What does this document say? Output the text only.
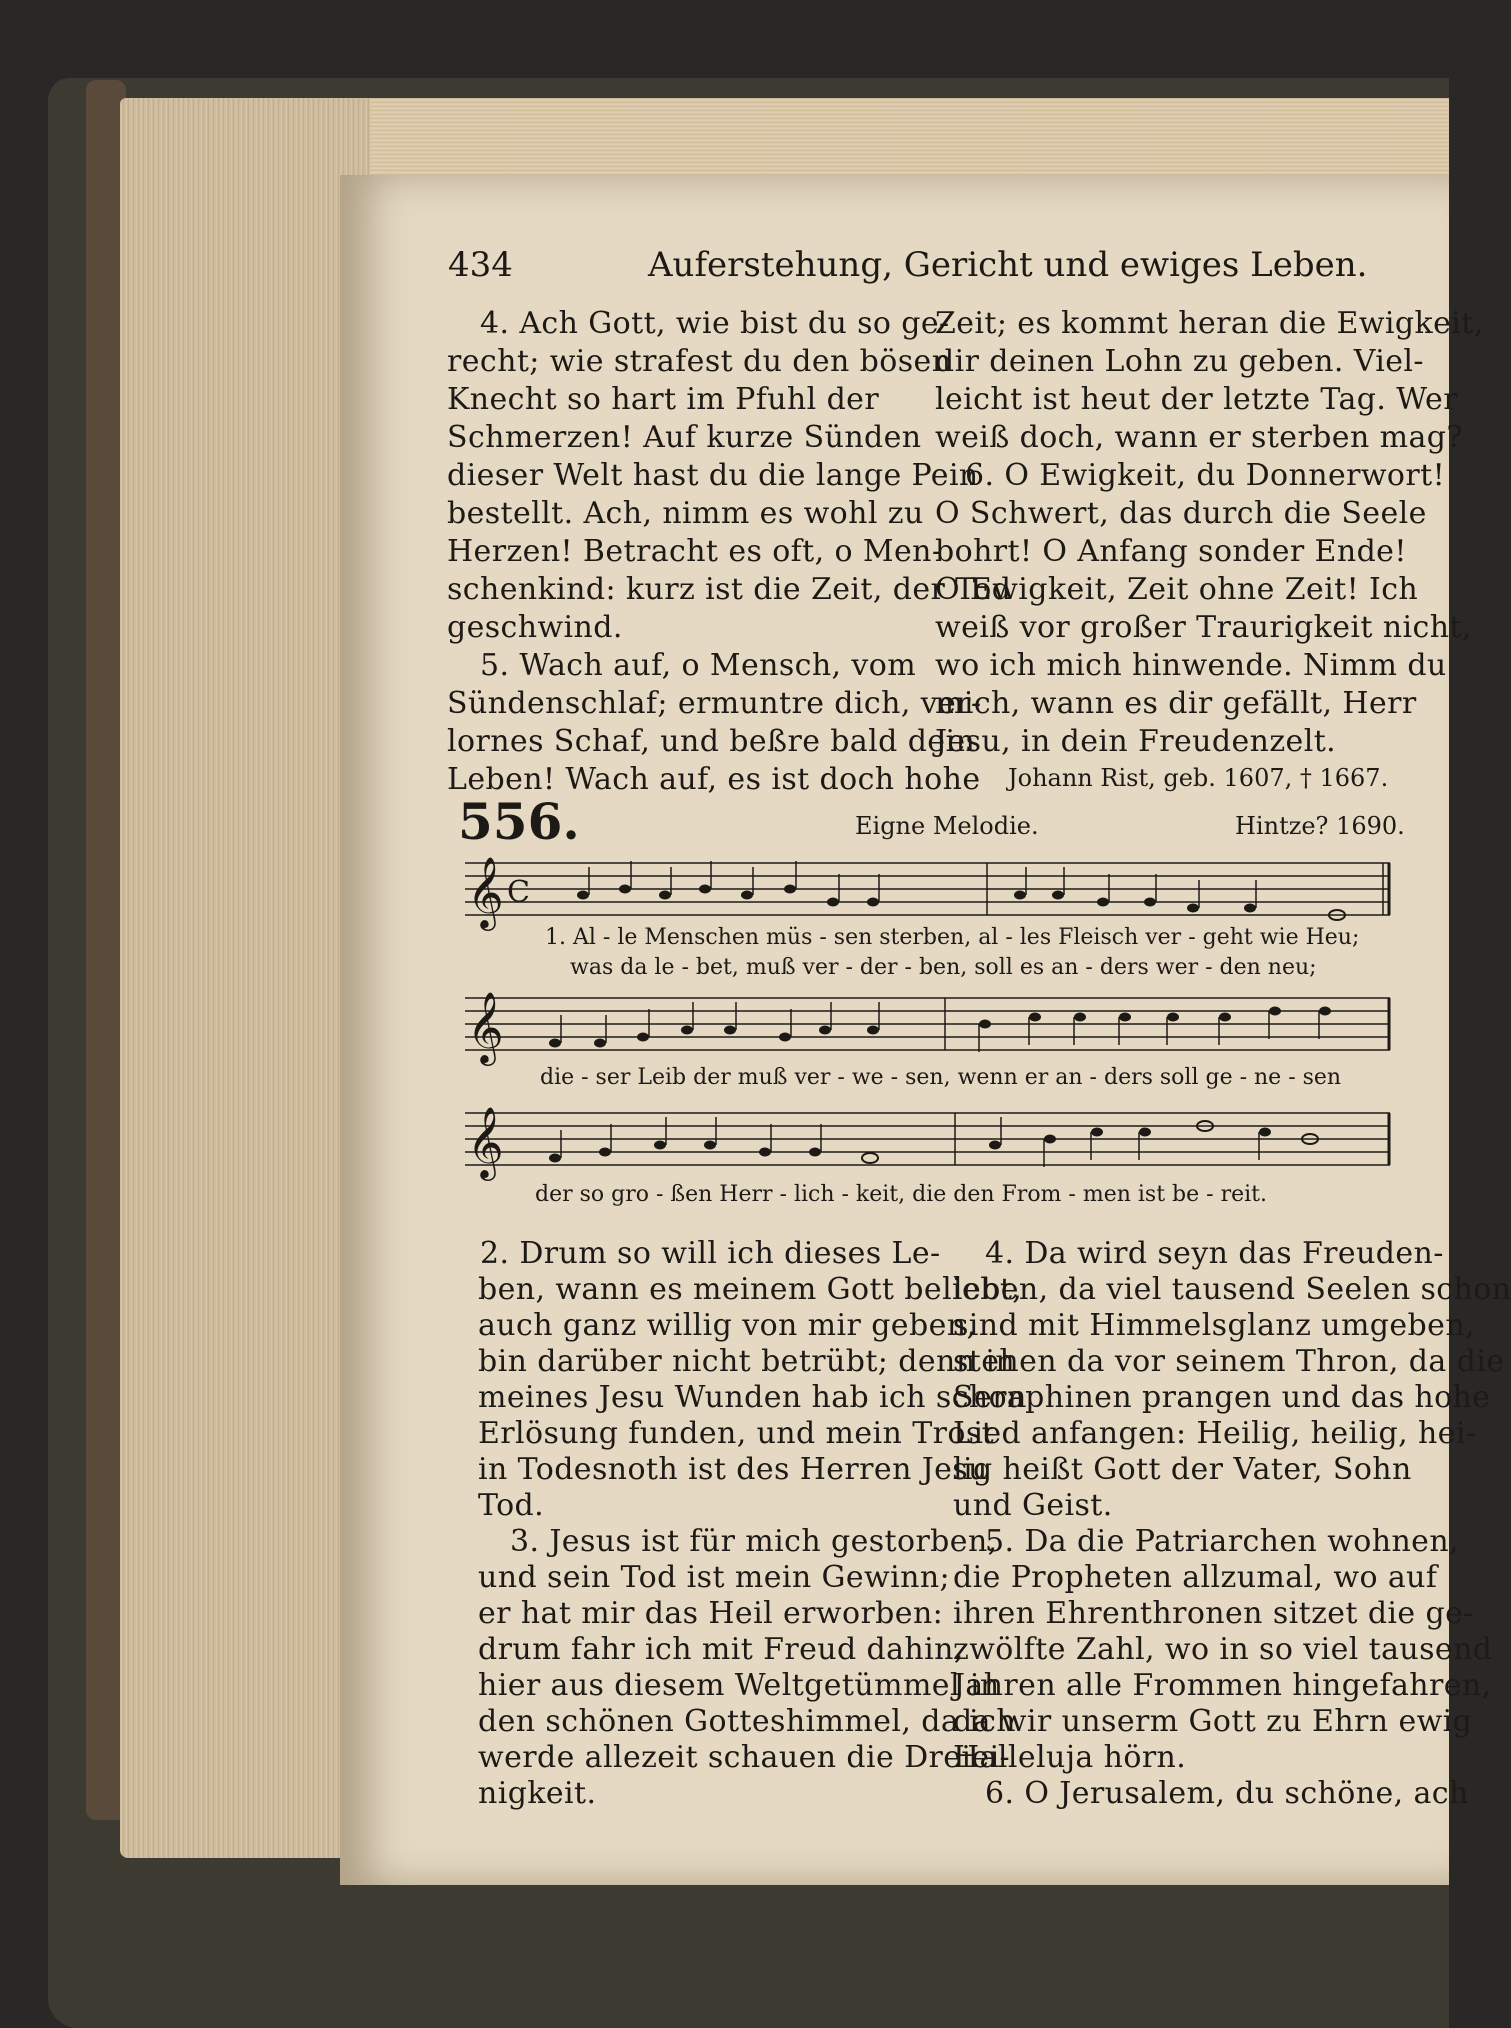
434	Auferstehung, Gericht und ewiges Leben.
4. Ach Gott, wie bist du so ge-
recht; wie strafest du den bösen
Knecht so hart im Pfuhl der
Schmerzen! Auf kurze Sünden
dieser Welt hast du die lange Pein
bestellt. Ach, nimm es wohl zu
Herzen! Betracht es oft, o Men-
schenkind: kurz ist die Zeit, der Tod
geschwind.
5. Wach auf, o Mensch, vom
Sündenschlaf; ermuntre dich, ver-
lornes Schaf, und beßre bald dein
Leben! Wach auf, es ist doch hohe
Zeit; es kommt heran die Ewigkeit,
dir deinen Lohn zu geben. Viel-
leicht ist heut der letzte Tag. Wer
weiß doch, wann er sterben mag?
6. O Ewigkeit, du Donnerwort!
O Schwert, das durch die Seele
bohrt! O Anfang sonder Ende!
O Ewigkeit, Zeit ohne Zeit! Ich
weiß vor großer Traurigkeit nicht,
wo ich mich hinwende. Nimm du
mich, wann es dir gefällt, Herr
Jesu, in dein Freudenzelt.
Johann Rist, geb. 1607, † 1667.
556.	Eigne Melodie.	Hintze? 1690.
𝄞 C
1. Al - le Menschen müs - sen sterben, al - les Fleisch ver - geht wie Heu;
was da le - bet, muß ver - der - ben, soll es an - ders wer - den neu;
𝄞
die - ser Leib der muß ver - we - sen, wenn er an - ders soll ge - ne - sen
𝄞
der so gro - ßen Herr - lich - keit, die den From - men ist be - reit.
2. Drum so will ich dieses Le-
ben, wann es meinem Gott beliebt,
auch ganz willig von mir geben,
bin darüber nicht betrübt; denn in
meines Jesu Wunden hab ich schon
Erlösung funden, und mein Trost
in Todesnoth ist des Herren Jesu
Tod.
3. Jesus ist für mich gestorben,
und sein Tod ist mein Gewinn;
er hat mir das Heil erworben:
drum fahr ich mit Freud dahin,
hier aus diesem Weltgetümmel in
den schönen Gotteshimmel, da ich
werde allezeit schauen die Dreiei-
nigkeit.
4. Da wird seyn das Freuden-
leben, da viel tausend Seelen schon
sind mit Himmelsglanz umgeben,
stehen da vor seinem Thron, da die
Seraphinen prangen und das hohe
Lied anfangen: Heilig, heilig, hei-
lig heißt Gott der Vater, Sohn
und Geist.
5. Da die Patriarchen wohnen,
die Propheten allzumal, wo auf
ihren Ehrenthronen sitzet die ge-
zwölfte Zahl, wo in so viel tausend
Jahren alle Frommen hingefahren,
da wir unserm Gott zu Ehrn ewig
Halleluja hörn.
6. O Jerusalem, du schöne, ach
